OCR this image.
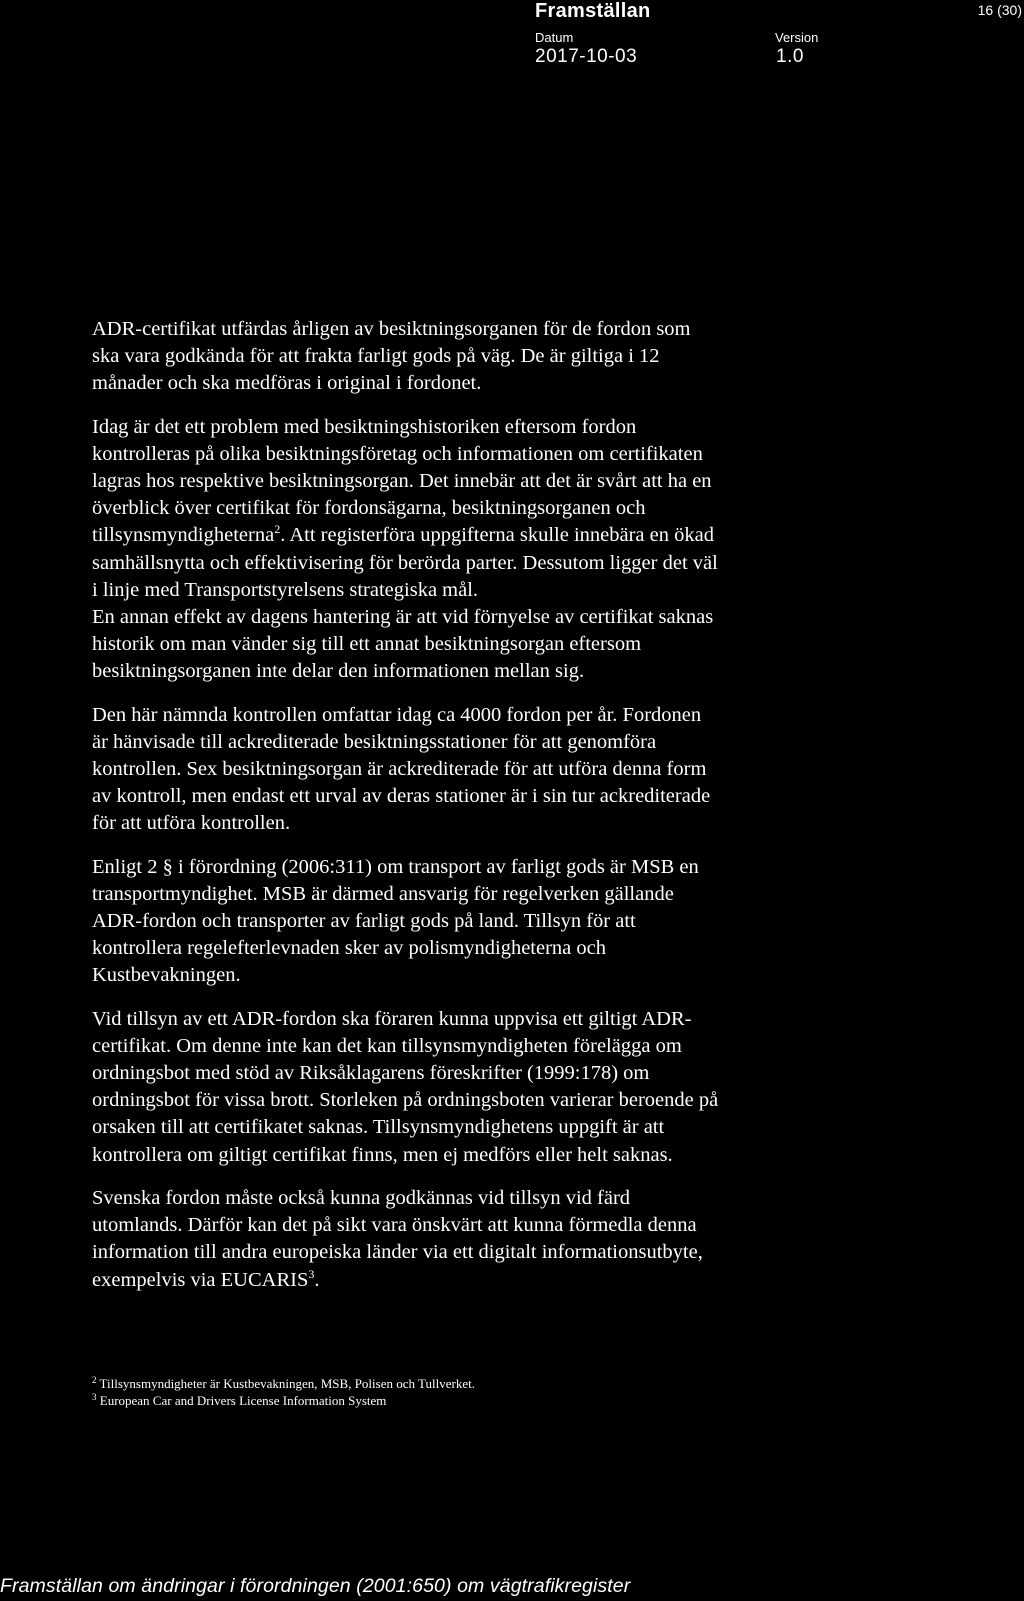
Framställan	16 (30)
Datum
2017-10-03
Version
1.0

ADR-certifikat utfärdas årligen av besiktningsorganen för de fordon som
ska vara godkända för att frakta farligt gods på väg. De är giltiga i 12
månader och ska medföras i original i fordonet.

Idag är det ett problem med besiktningshistoriken eftersom fordon
kontrolleras på olika besiktningsföretag och informationen om certifikaten
lagras hos respektive besiktningsorgan. Det innebär att det är svårt att ha en
överblick över certifikat för fordonsägarna, besiktningsorganen och
tillsynsmyndigheterna$^2$. Att registerföra uppgifterna skulle innebära en ökad
samhällsnytta och effektivisering för berörda parter. Dessutom ligger det väl
i linje med Transportstyrelsens strategiska mål.

En annan effekt av dagens hantering är att vid förnyelse av certifikat saknas
historik om man vänder sig till ett annat besiktningsorgan eftersom
besiktningsorganen inte delar den informationen mellan sig.

Den här nämnda kontrollen omfattar idag ca 4000 fordon per år. Fordonen
är hänvisade till ackrediterade besiktningsstationer för att genomföra
kontrollen. Sex besiktningsorgan är ackrediterade för att utföra denna form
av kontroll, men endast ett urval av deras stationer är i sin tur ackrediterade
för att utföra kontrollen.

Enligt 2 § i förordning (2006:311) om transport av farligt gods är MSB en
transportmyndighet. MSB är därmed ansvarig för regelverken gällande
ADR-fordon och transporter av farligt gods på land. Tillsyn för att
kontrollera regelefterlevnaden sker av polismyndigheterna och
Kustbevakningen.

Vid tillsyn av ett ADR-fordon ska föraren kunna uppvisa ett giltigt ADR-
certifikat. Om denne inte kan det kan tillsynsmyndigheten förelägga om
ordningsbot med stöd av Riksåklagarens föreskrifter (1999:178) om
ordningsbot för vissa brott. Storleken på ordningsboten varierar beroende på
orsaken till att certifikatet saknas. Tillsynsmyndighetens uppgift är att
kontrollera om giltigt certifikat finns, men ej medförs eller helt saknas.

Svenska fordon måste också kunna godkännas vid tillsyn vid färd
utomlands. Därför kan det på sikt vara önskvärt att kunna förmedla denna
information till andra europeiska länder via ett digitalt informationsutbyte,
exempelvis via EUCARIS$^3$.

$^2$ Tillsynsmyndigheter är Kustbevakningen, MSB, Polisen och Tullverket.
$^3$ European Car and Drivers License Information System
Framställan om ändringar i förordningen (2001:650) om vägtrafikregister
